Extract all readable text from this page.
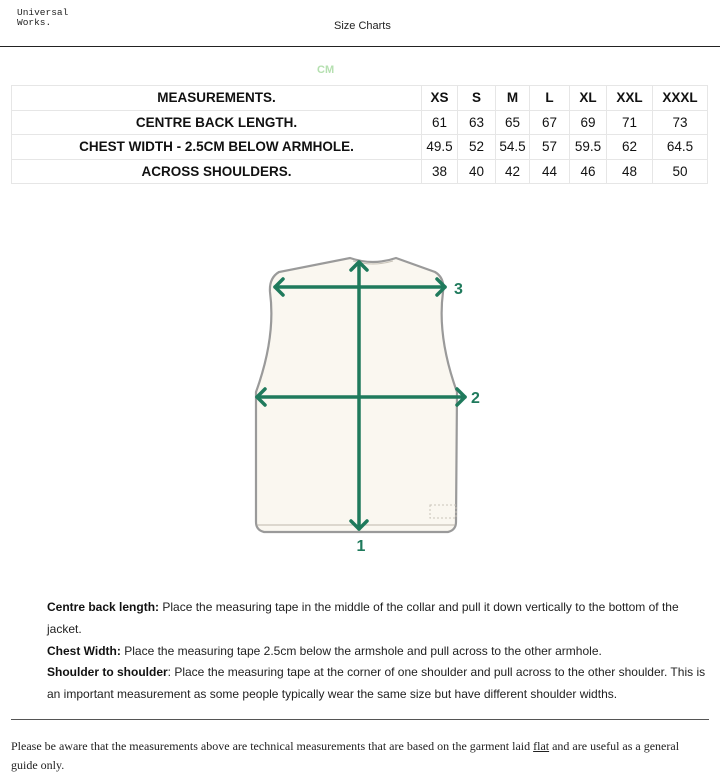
Universal
Works.	Size Charts
CM
MEASUREMENTS.	XS	S	M	L	XL	XXL	XXXL
CENTRE BACK LENGTH.	61	63	65	67	69	71	73
CHEST WIDTH - 2.5CM BELOW ARMHOLE.	49.5	52	54.5	57	59.5	62	64.5
ACROSS SHOULDERS.	38	40	42	44	46	48	50
1
2
3

Centre back length: Place the measuring tape in the middle of the collar and pull it down vertically to the bottom of the jacket.

Chest Width: Place the measuring tape 2.5cm below the armshole and pull across to the other armhole.

Shoulder to shoulder: Place the measuring tape at the corner of one shoulder and pull across to the other shoulder. This is an important measurement as some people typically wear the same size but have different shoulder widths.

Please be aware that the measurements above are technical measurements that are based on the garment laid flat and are useful as a general guide only.
